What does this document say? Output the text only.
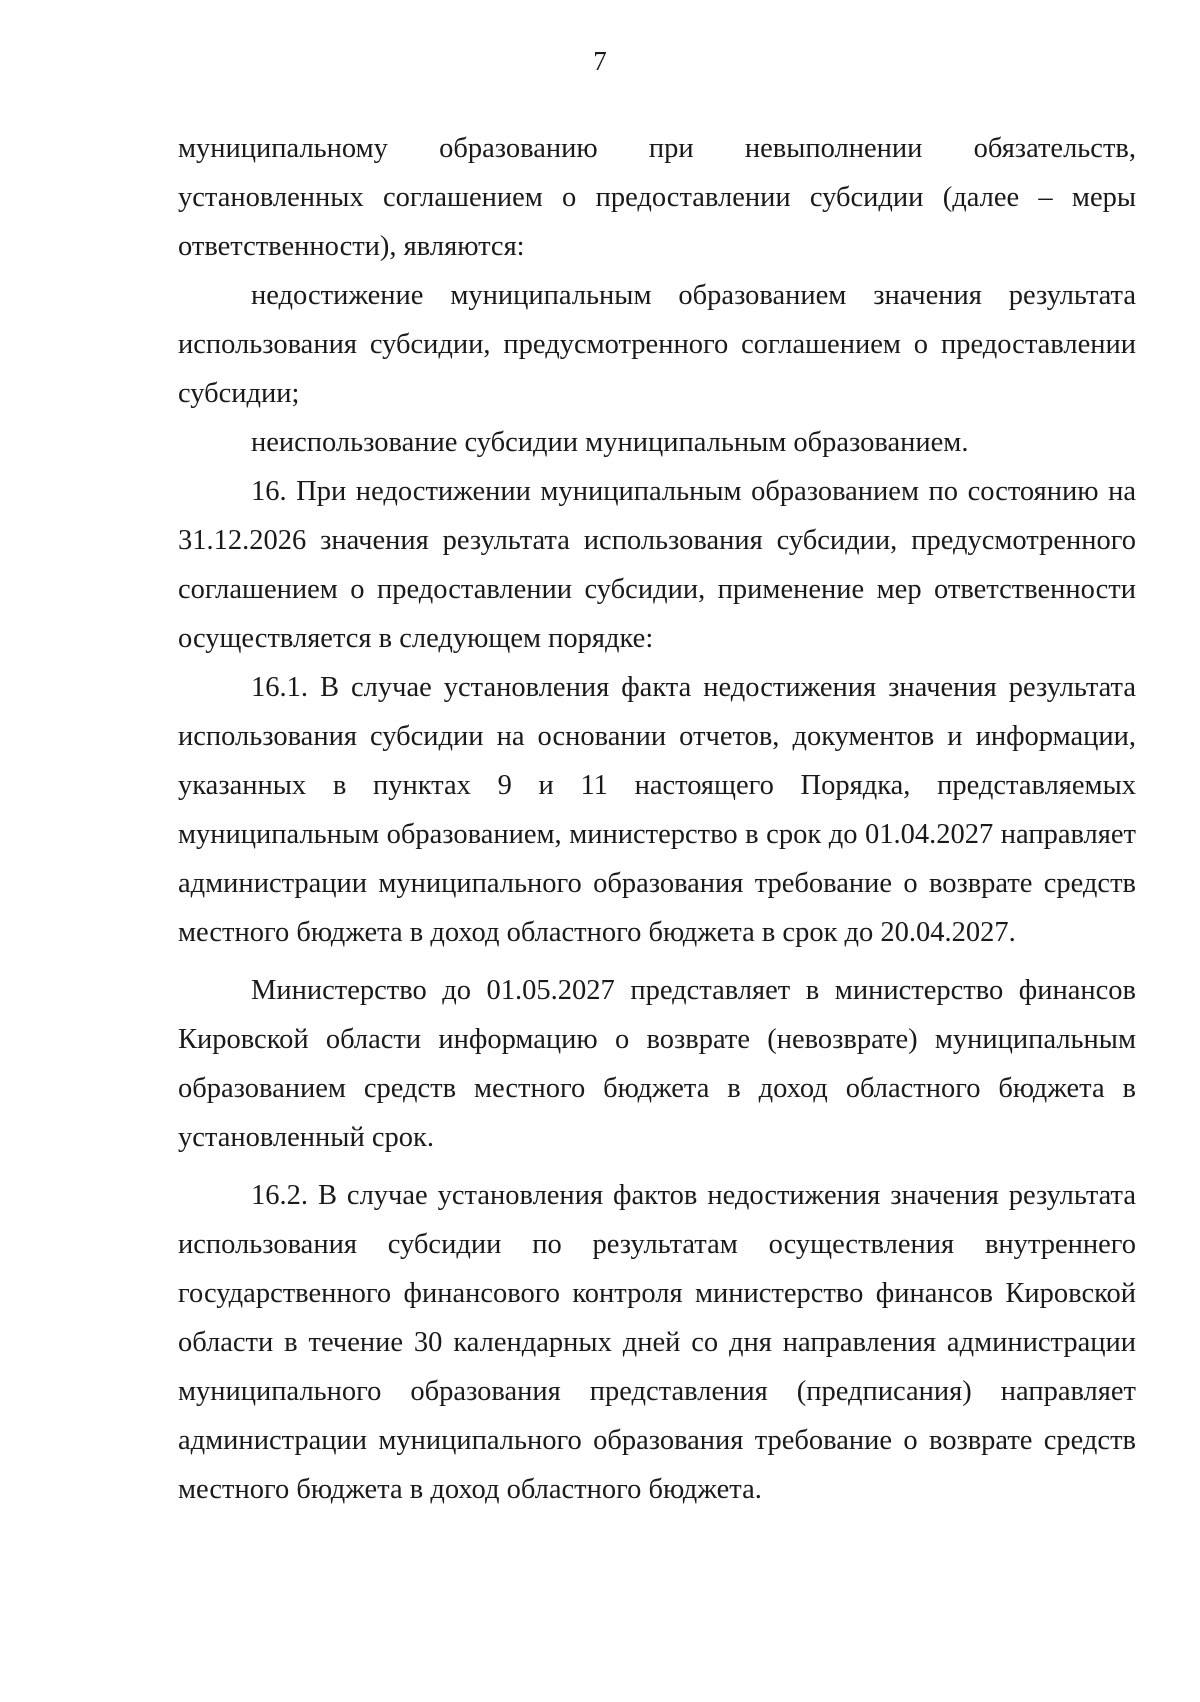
7

муниципальному образованию при невыполнении обязательств, установленных соглашением о предоставлении субсидии (далее – меры ответственности), являются:

недостижение муниципальным образованием значения результата использования субсидии, предусмотренного соглашением о предоставлении субсидии;

неиспользование субсидии муниципальным образованием.

16. При недостижении муниципальным образованием по состоянию на 31.12.2026 значения результата использования субсидии, предусмотренного соглашением о предоставлении субсидии, применение мер ответственности осуществляется в следующем порядке:

16.1. В случае установления факта недостижения значения результата использования субсидии на основании отчетов, документов и информации, указанных в пунктах 9 и 11 настоящего Порядка, представляемых муниципальным образованием, министерство в срок до 01.04.2027 направляет администрации муниципального образования требование о возврате средств местного бюджета в доход областного бюджета в срок до 20.04.2027.

Министерство до 01.05.2027 представляет в министерство финансов Кировской области информацию о возврате (невозврате) муниципальным образованием средств местного бюджета в доход областного бюджета в установленный срок.

16.2. В случае установления фактов недостижения значения результата использования субсидии по результатам осуществления внутреннего государственного финансового контроля министерство финансов Кировской области в течение 30 календарных дней со дня направления администрации муниципального образования представления (предписания) направляет администрации муниципального образования требование о возврате средств местного бюджета в доход областного бюджета.
